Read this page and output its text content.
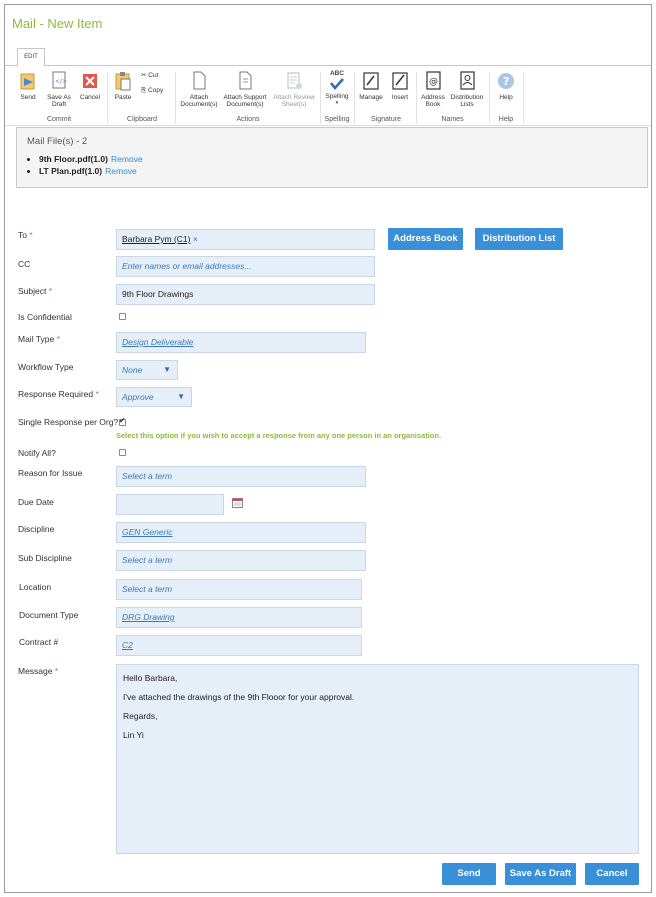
Mail - New Item
EDIT
Send
</>
Save As Draft
Cancel
Commit
Paste
✂ Cut
⎘ Copy
Clipboard
Attach Document(s)
Attach Support Document(s)
Attach Review Sheet(s)
Actions
ABC
Spelling
▾
Spelling
Manage	Insert
Signature
@
Address Book
Distribution Lists
Names
?
Help
Help
Mail File(s) - 2
• 9th Floor.pdf(1.0) Remove
• LT Plan.pdf(1.0) Remove
To *	Barbara Pym (C1) ×	Address Book	Distribution List
CC	Enter names or email addresses...
Subject *	9th Floor Drawings
Is Confidential
Mail Type *	Design Deliverable
Workflow Type	None	▼
Response Required *	Approve	▼
Single Response per Org?
✔
Select this option if you wish to accept a response from any one person in an organisation.
Notify All?
Reason for Issue	Select a term
Due Date
Discipline	GEN Generic
Sub Discipline	Select a term
Location	Select a term
Document Type	DRG Drawing
Contract #	C2
Message *

Hello Barbara,

I've attached the drawings of the 9th Flooor for your approval.

Regards,

Lin Yi

Send	Save As Draft	Cancel
